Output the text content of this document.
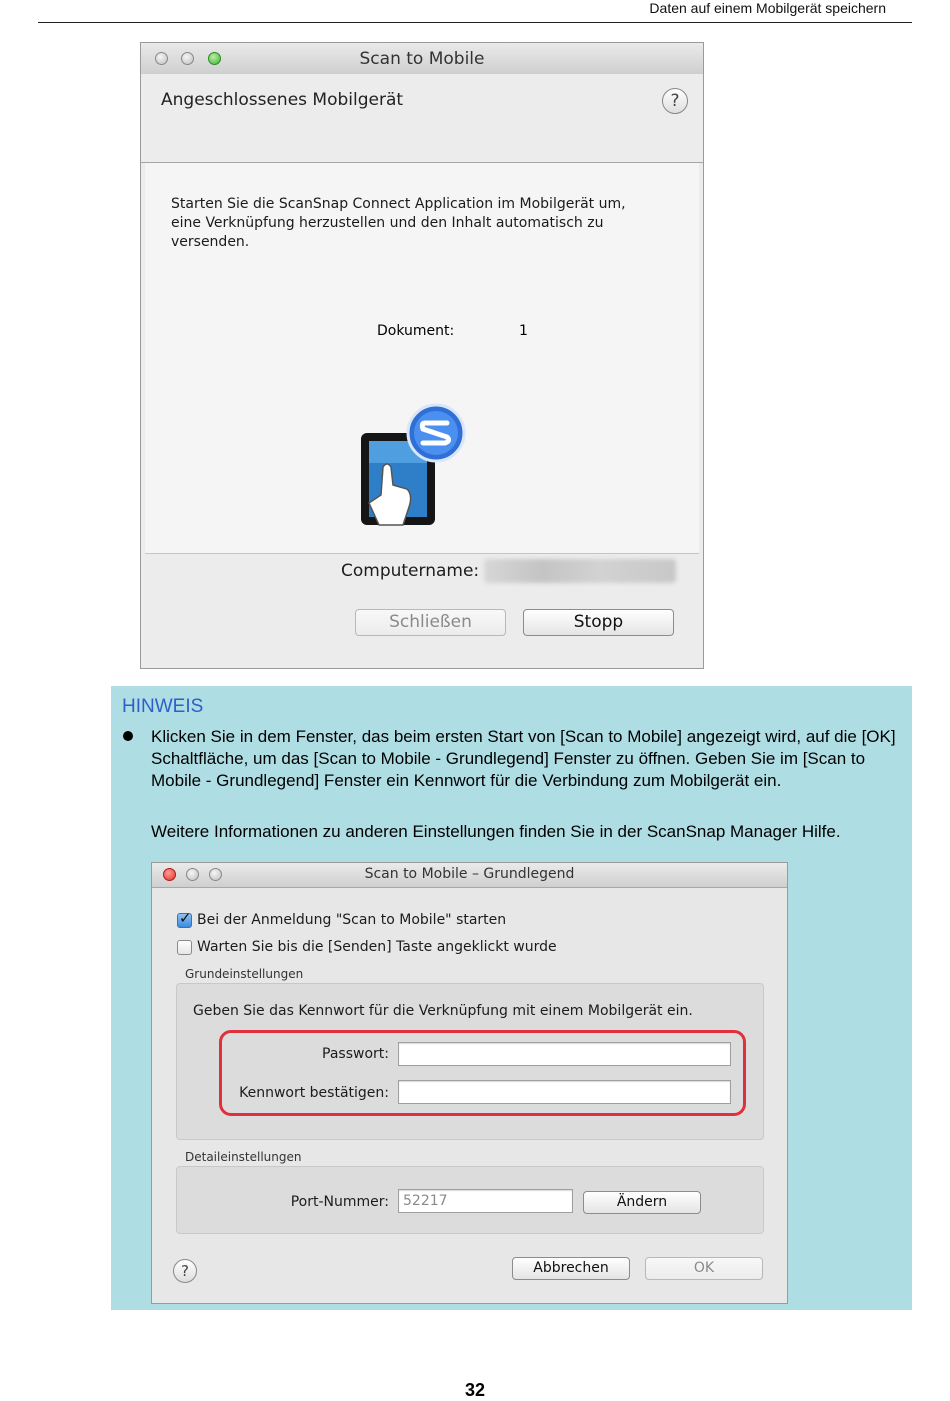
Daten auf einem Mobilgerät speichern
Scan to Mobile
Angeschlossenes Mobilgerät	?
Starten Sie die ScanSnap Connect Application im Mobilgerät um, eine Verknüpfung herzustellen und den Inhalt automatisch zu versenden.
Dokument:	1
Computername:
Schließen	Stopp
HINWEIS
Klicken Sie in dem Fenster, das beim ersten Start von [Scan to Mobile] angezeigt wird, auf die [OK] Schaltfläche, um das [Scan to Mobile - Grundlegend] Fenster zu öffnen. Geben Sie im [Scan to Mobile - Grundlegend] Fenster ein Kennwort für die Verbindung zum Mobilgerät ein.
Weitere Informationen zu anderen Einstellungen finden Sie in der ScanSnap Manager Hilfe.
Scan to Mobile – Grundlegend
✓ Bei der Anmeldung "Scan to Mobile" starten
Warten Sie bis die [Senden] Taste angeklickt wurde
Grundeinstellungen
Geben Sie das Kennwort für die Verknüpfung mit einem Mobilgerät ein.
Passwort:
Kennwort bestätigen:
Detaileinstellungen
Port-Nummer:	52217	Ändern
?	Abbrechen	OK
32
